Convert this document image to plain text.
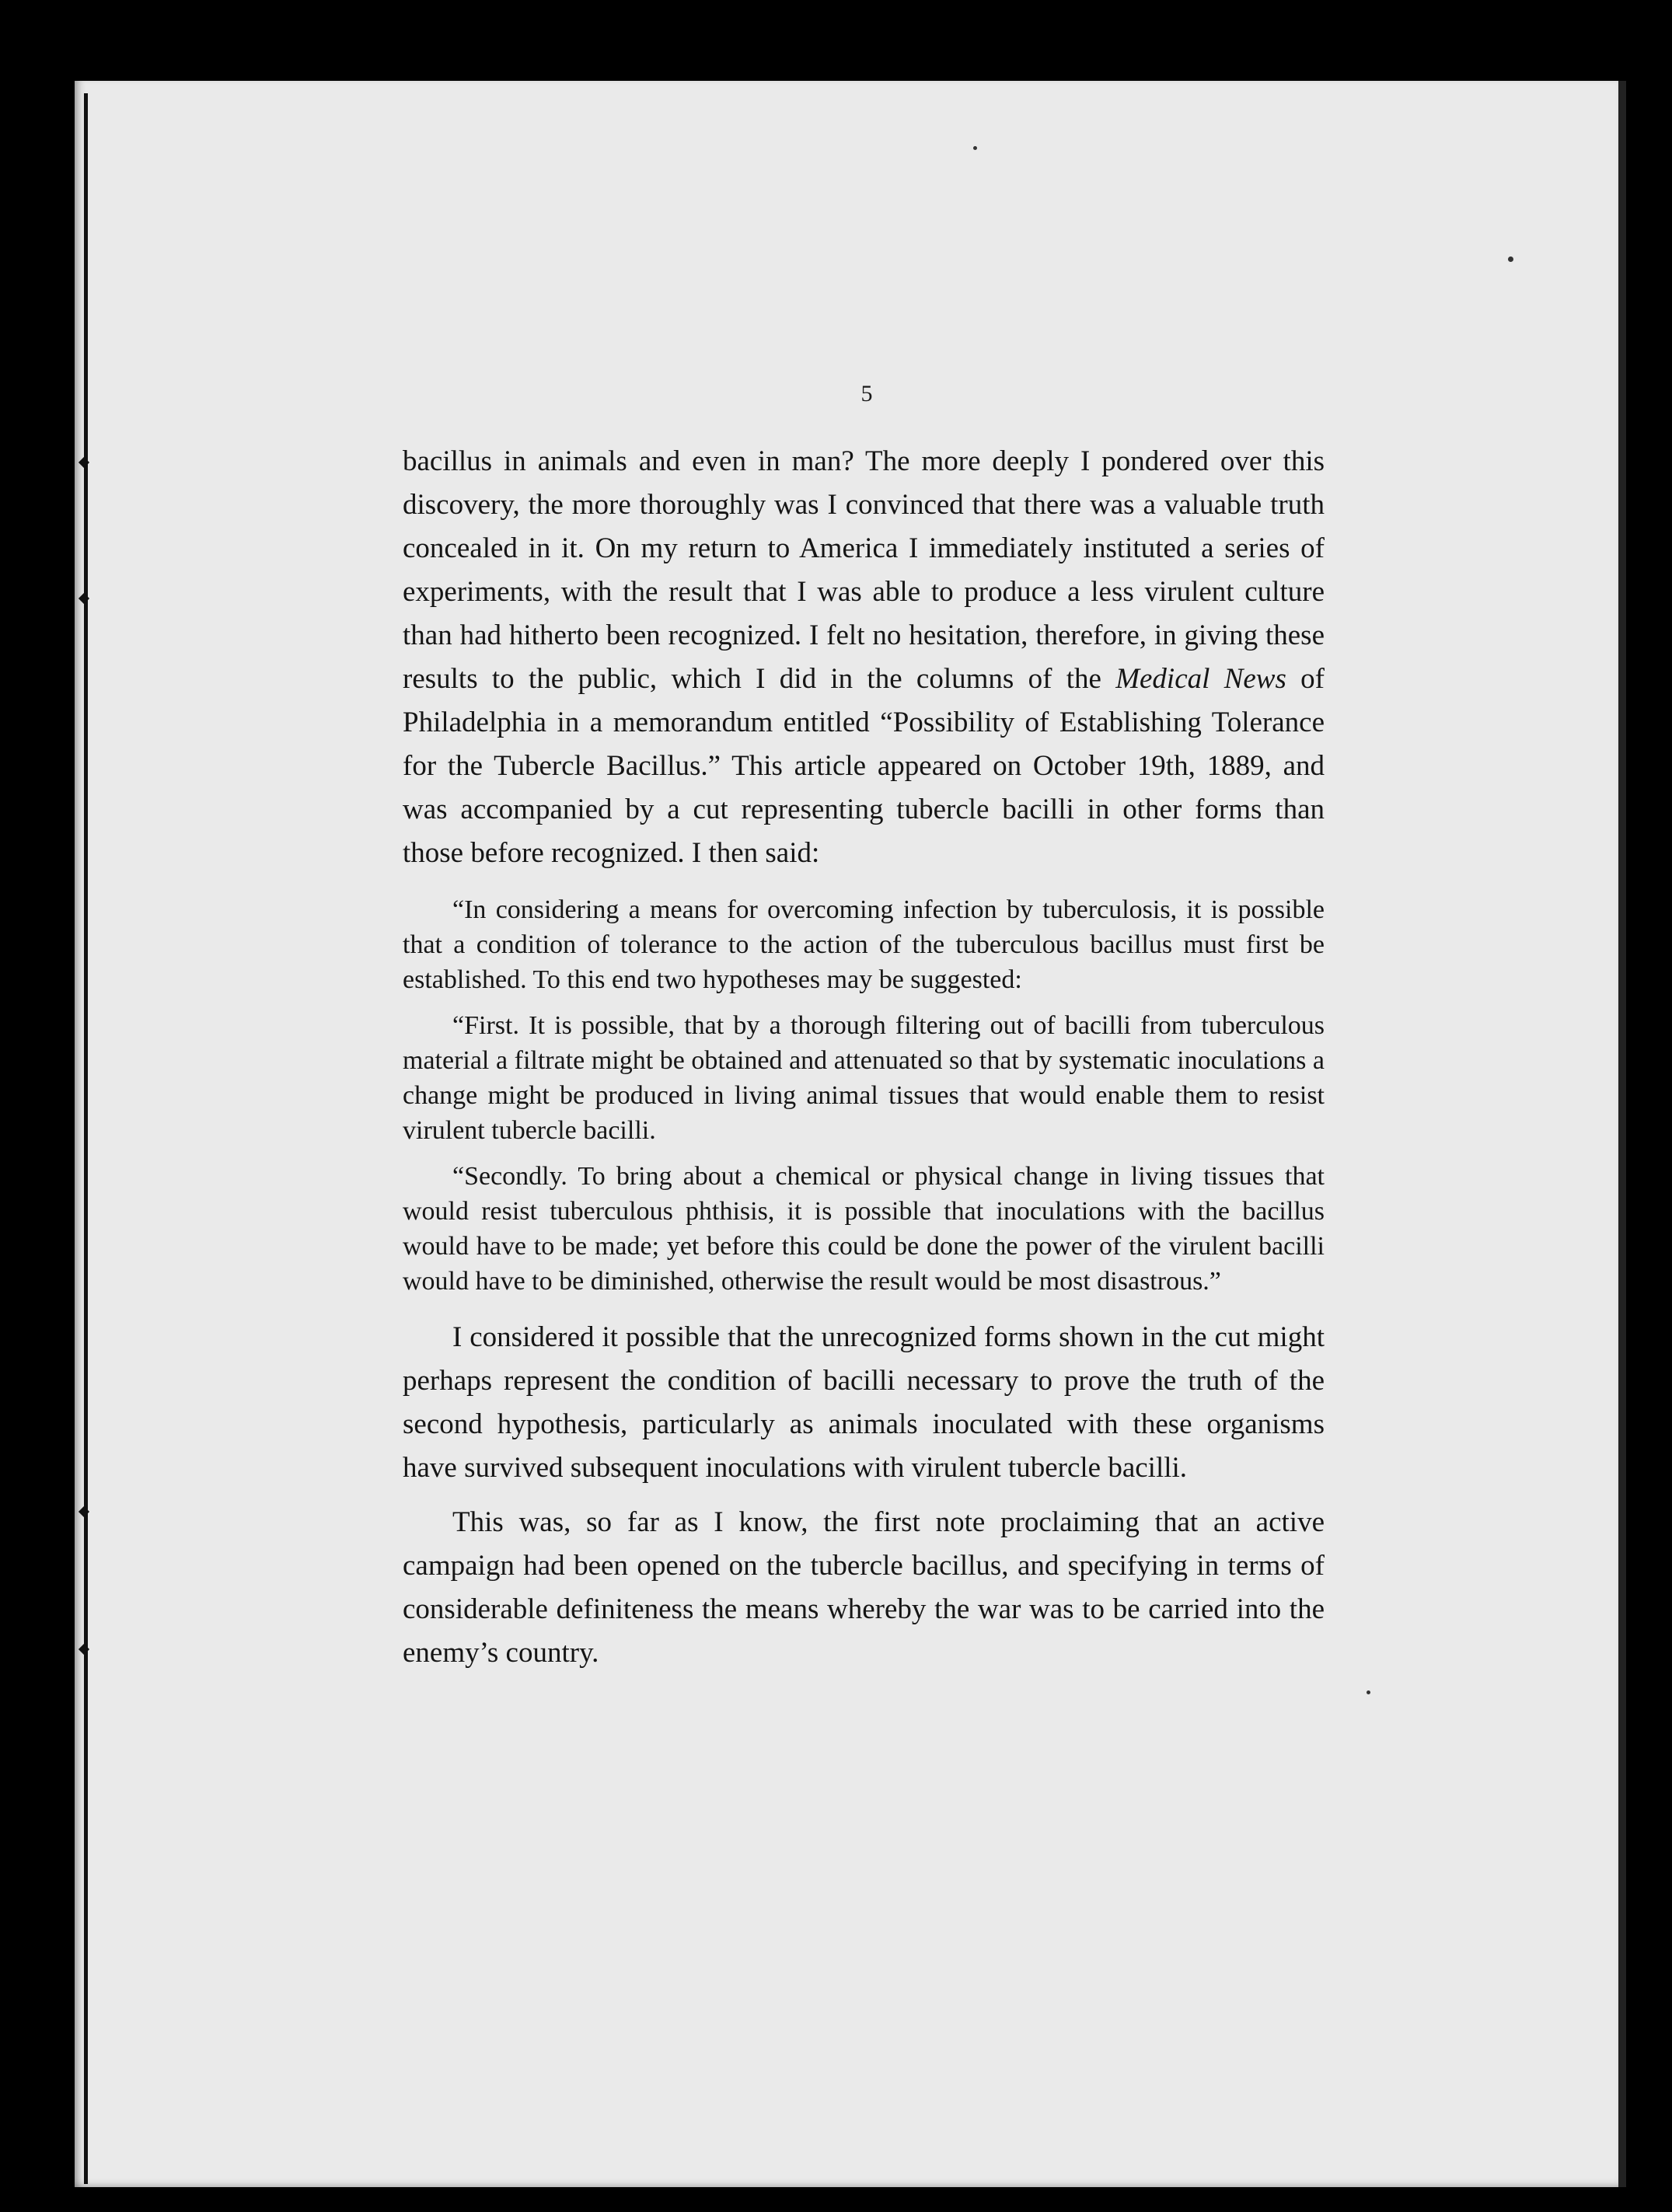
5

bacillus in animals and even in man? The more deeply I pondered over this discovery, the more thoroughly was I convinced that there was a valuable truth concealed in it. On my return to America I immediately instituted a series of experiments, with the result that I was able to produce a less virulent culture than had hitherto been recognized. I felt no hesitation, therefore, in giving these results to the public, which I did in the columns of the Medical News of Philadelphia in a memorandum entitled “Possibility of Establishing Tolerance for the Tubercle Bacillus.” This article appeared on October 19th, 1889, and was accompanied by a cut representing tubercle bacilli in other forms than those before recognized. I then said:

“In considering a means for overcoming infection by tuberculosis, it is possible that a condition of tolerance to the action of the tuberculous bacillus must first be established. To this end two hypotheses may be suggested:

“First. It is possible, that by a thorough filtering out of bacilli from tuberculous material a filtrate might be obtained and attenuated so that by systematic inoculations a change might be produced in living animal tissues that would enable them to resist virulent tubercle bacilli.

“Secondly. To bring about a chemical or physical change in living tissues that would resist tuberculous phthisis, it is possible that inoculations with the bacillus would have to be made; yet before this could be done the power of the virulent bacilli would have to be diminished, otherwise the result would be most disastrous.”

I considered it possible that the unrecognized forms shown in the cut might perhaps represent the condition of bacilli necessary to prove the truth of the second hypothesis, particularly as animals inoculated with these organisms have survived subsequent inoculations with virulent tubercle bacilli.

This was, so far as I know, the first note proclaiming that an active campaign had been opened on the tubercle bacillus, and specifying in terms of considerable definiteness the means whereby the war was to be carried into the enemy’s country.
